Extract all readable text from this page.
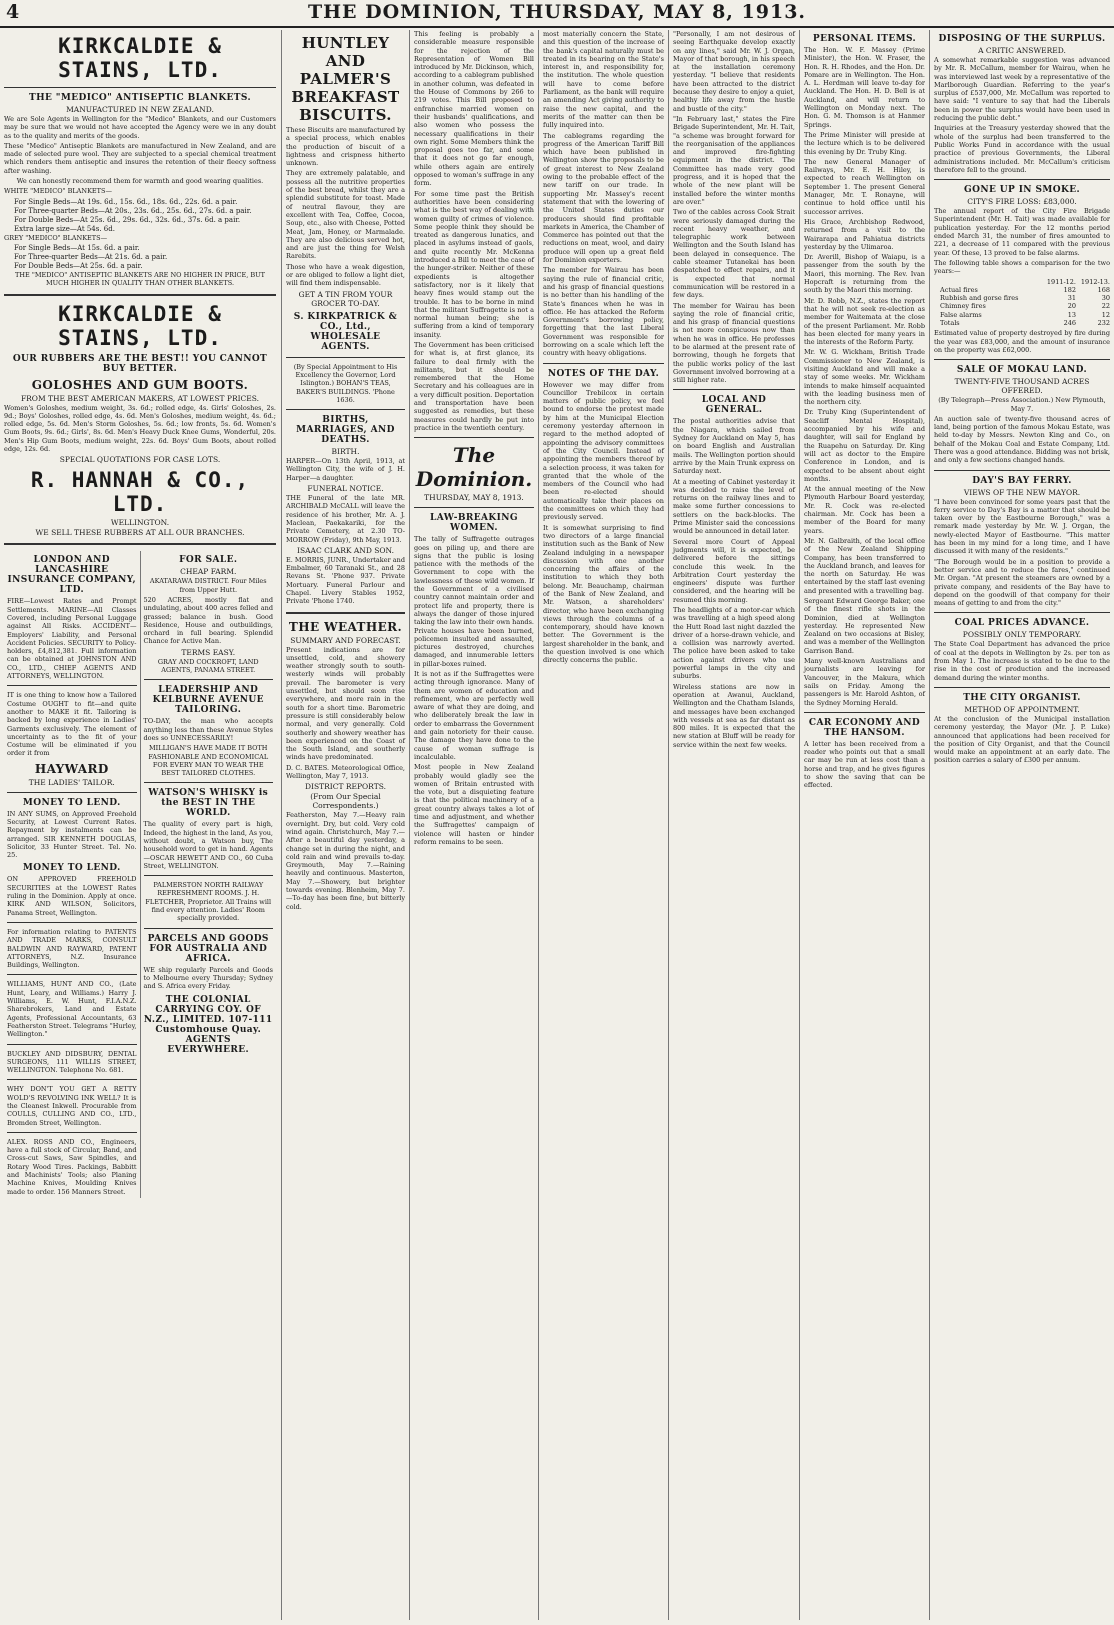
4	THE DOMINION, THURSDAY, MAY 8, 1913.
KIRKCALDIE & STAINS, LTD.
THE "MEDICO" ANTISEPTIC BLANKETS.
MANUFACTURED IN NEW ZEALAND.

We are Sole Agents in Wellington for the "Medico" Blankets, and our Customers may be sure that we would not have accepted the Agency were we in any doubt as to the quality and merits of the goods.

These "Medico" Antiseptic Blankets are manufactured in New Zealand, and are made of selected pure wool. They are subjected to a special chemical treatment which renders them antiseptic and insures the retention of their fleecy softness after washing.

We can honestly recommend them for warmth and good wearing qualities.

WHITE "MEDICO" BLANKETS—

For Single Beds—At 19s. 6d., 15s. 6d., 18s. 6d., 22s. 6d. a pair.
For Three-quarter Beds—At 20s., 23s. 6d., 25s. 6d., 27s. 6d. a pair.
For Double Beds—At 25s. 6d., 29s. 6d., 32s. 6d., 37s. 6d. a pair.
Extra large size—At 54s. 6d.

GREY "MEDICO" BLANKETS—

For Single Beds—At 15s. 6d. a pair.
For Three-quarter Beds—At 21s. 6d. a pair.
For Double Beds—At 25s. 6d. a pair.

THE "MEDICO" ANTISEPTIC BLANKETS ARE NO HIGHER IN PRICE, BUT MUCH HIGHER IN QUALITY THAN OTHER BLANKETS.

KIRKCALDIE & STAINS, LTD.
OUR RUBBERS ARE THE BEST!! YOU CANNOT BUY BETTER.
GOLOSHES AND GUM BOOTS.
FROM THE BEST AMERICAN MAKERS, AT LOWEST PRICES.

Women's Goloshes, medium weight, 3s. 6d.; rolled edge, 4s. Girls' Goloshes, 2s. 9d.; Boys' Goloshes, rolled edge, 4s. 6d. Men's Goloshes, medium weight, 4s. 6d.; rolled edge, 5s. 6d. Men's Storm Goloshes, 5s. 6d.; low fronts, 5s. 6d. Women's Gum Boots, 9s. 6d.; Girls', 8s. 6d. Men's Heavy Duck Knee Gums, Wonderful, 20s. Men's Hip Gum Boots, medium weight, 22s. 6d. Boys' Gum Boots, about rolled edge, 12s. 6d.

SPECIAL QUOTATIONS FOR CASE LOTS.
R. HANNAH & CO., LTD.
WELLINGTON.
WE SELL THESE RUBBERS AT ALL OUR BRANCHES.
LONDON AND LANCASHIRE INSURANCE COMPANY, LTD.

FIRE—Lowest Rates and Prompt Settlements. MARINE—All Classes Covered, including Personal Luggage against All Risks. ACCIDENT—Employers' Liability, and Personal Accident Policies. SECURITY to Policy-holders, £4,812,381. Full information can be obtained at JOHNSTON AND CO., LTD., CHIEF AGENTS AND ATTORNEYS, WELLINGTON.

IT is one thing to know how a Tailored Costume OUGHT to fit—and quite another to MAKE it fit. Tailoring is backed by long experience in Ladies' Garments exclusively. The element of uncertainty as to the fit of your Costume will be eliminated if you order it from

HAYWARD
THE LADIES' TAILOR.
MONEY TO LEND.

IN ANY SUMS, on Approved Freehold Security, at Lowest Current Rates. Repayment by instalments can be arranged. SIR KENNETH DOUGLAS, Solicitor, 33 Hunter Street. Tel. No. 25.

MONEY TO LEND.

ON APPROVED FREEHOLD SECURITIES at the LOWEST Rates ruling in the Dominion. Apply at once. KIRK AND WILSON, Solicitors, Panama Street, Wellington.

For information relating to PATENTS AND TRADE MARKS, CONSULT BALDWIN AND RAYWARD, PATENT ATTORNEYS, N.Z. Insurance Buildings, Wellington.

WILLIAMS, HUNT AND CO., (Late Hunt, Leary, and Williams.) Harry J. Williams, E. W. Hunt, F.I.A.N.Z. Sharebrokers, Land and Estate Agents, Professional Accountants, 63 Featherston Street. Telegrams "Hurley, Wellington."

BUCKLEY AND DIDSBURY, DENTAL SURGEONS, 111 WILLIS STREET, WELLINGTON. Telephone No. 681.

WHY DON'T YOU GET A RETTY WOLD'S REVOLVING INK WELL? It is the Cleanest Inkwell. Procurable from COULLS, CULLING AND CO., LTD., Bromden Street, Wellington.

ALEX. ROSS AND CO., Engineers, have a full stock of Circular, Band, and Cross-cut Saws, Saw Spindles, and Rotary Wood Tires. Packings, Babbitt and Machinists' Tools; also Planing Machine Knives, Moulding Knives made to order. 156 Manners Street.

FOR SALE.
CHEAP FARM.

AKATARAWA DISTRICT. Four Miles from Upper Hutt.

520 ACRES, mostly flat and undulating, about 400 acres felled and grassed; balance in bush. Good Residence, House and outbuildings, orchard in full bearing. Splendid Chance for Active Man.

TERMS EASY.

GRAY AND COCKROFT, LAND AGENTS, PANAMA STREET.

LEADERSHIP AND KELBURNE AVENUE TAILORING.

TO-DAY, the man who accepts anything less than these Avenue Styles does so UNNECESSARILY!

MILLIGAN'S HAVE MADE IT BOTH FASHIONABLE AND ECONOMICAL FOR EVERY MAN TO WEAR THE BEST TAILORED CLOTHES.

WATSON'S WHISKY is the BEST IN THE WORLD.

The quality of every part is high, Indeed, the highest in the land, As you, without doubt, a Watson buy, The household word to get in hand. Agents—OSCAR HEWETT AND CO., 60 Cuba Street, WELLINGTON.

PALMERSTON NORTH RAILWAY REFRESHMENT ROOMS. J. H. FLETCHER, Proprietor. All Trains will find every attention. Ladies' Room specially provided.

PARCELS AND GOODS FOR AUSTRALIA AND AFRICA.

WE ship regularly Parcels and Goods to Melbourne every Thursday; Sydney and S. Africa every Friday.

THE COLONIAL CARRYING COY. OF N.Z., LIMITED. 107-111 Customhouse Quay. AGENTS EVERYWHERE.
HUNTLEY AND PALMER'S BREAKFAST BISCUITS.

These Biscuits are manufactured by a special process, which enables the production of biscuit of a lightness and crispness hitherto unknown.

They are extremely palatable, and possess all the nutritive properties of the best bread, whilst they are a splendid substitute for toast. Made of neutral flavour, they are excellent with Tea, Coffee, Cocoa, Soup, etc., also with Cheese, Potted Meat, Jam, Honey, or Marmalade. They are also delicious served hot, and are just the thing for Welsh Rarebits.

Those who have a weak digestion, or are obliged to follow a light diet, will find them indispensable.

GET A TIN FROM YOUR GROCER TO-DAY.
S. KIRKPATRICK & CO., Ltd., WHOLESALE AGENTS.

(By Special Appointment to His Excellency the Governor, Lord Islington.) BOHAN'S TEAS, BAKER'S BUILDINGS. 'Phone 1636.

BIRTHS, MARRIAGES, AND DEATHS.
BIRTH.

HARPER—On 13th April, 1913, at Wellington City, the wife of J. H. Harper—a daughter.

FUNERAL NOTICE.

THE Funeral of the late MR. ARCHIBALD McCALL will leave the residence of his brother, Mr. A. J. Maclean, Paekakariki, for the Private Cemetery, at 2.30 TO-MORROW (Friday), 9th May, 1913.

ISAAC CLARK AND SON.

E. MORRIS, JUNR., Undertaker and Embalmer, 60 Taranaki St., and 28 Revans St. 'Phone 937. Private Mortuary. Funeral Parlour and Chapel. Livery Stables 1952, Private 'Phone 1740.

THE WEATHER.
SUMMARY AND FORECAST.

Present indications are for unsettled, cold, and showery weather strongly south to south-westerly winds will probably prevail. The barometer is very unsettled, but should soon rise everywhere, and more rain in the south for a short time. Barometric pressure is still considerably below normal, and very generally. Cold southerly and showery weather has been experienced on the Coast of the South Island, and southerly winds have predominated.

D. C. BATES. Meteorological Office, Wellington, May 7, 1913.

DISTRICT REPORTS.
(From Our Special Correspondents.)

Featherston, May 7.—Heavy rain overnight. Dry, but cold. Very cold wind again. Christchurch, May 7.—After a beautiful day yesterday, a change set in during the night, and cold rain and wind prevails to-day. Greymouth, May 7.—Raining heavily and continuous. Masterton, May 7.—Showery, but brighter towards evening. Blenheim, May 7.—To-day has been fine, but bitterly cold.

This feeling is probably a considerable measure responsible for the rejection of the Representation of Women Bill introduced by Mr. Dickinson, which, according to a cablegram published in another column, was defeated in the House of Commons by 266 to 219 votes. This Bill proposed to enfranchise married women on their husbands' qualifications, and also women who possess the necessary qualifications in their own right. Some Members think the proposal goes too far, and some that it does not go far enough, while others again are entirely opposed to woman's suffrage in any form.

For some time past the British authorities have been considering what is the best way of dealing with women guilty of crimes of violence. Some people think they should be treated as dangerous lunatics, and placed in asylums instead of gaols, and quite recently Mr. McKenna introduced a Bill to meet the case of the hunger-striker. Neither of these expedients is altogether satisfactory, nor is it likely that heavy fines would stamp out the trouble. It has to be borne in mind that the militant Suffragette is not a normal human being; she is suffering from a kind of temporary insanity.

The Government has been criticised for what is, at first glance, its failure to deal firmly with the militants, but it should be remembered that the Home Secretary and his colleagues are in a very difficult position. Deportation and transportation have been suggested as remedies, but these measures could hardly be put into practice in the twentieth century.

The Dominion.
THURSDAY, MAY 8, 1913.
LAW-BREAKING WOMEN.

The tally of Suffragette outrages goes on piling up, and there are signs that the public is losing patience with the methods of the Government to cope with the lawlessness of these wild women. If the Government of a civilised country cannot maintain order and protect life and property, there is always the danger of those injured taking the law into their own hands. Private houses have been burned, policemen insulted and assaulted, pictures destroyed, churches damaged, and innumerable letters in pillar-boxes ruined.

It is not as if the Suffragettes were acting through ignorance. Many of them are women of education and refinement, who are perfectly well aware of what they are doing, and who deliberately break the law in order to embarrass the Government and gain notoriety for their cause. The damage they have done to the cause of woman suffrage is incalculable.

Most people in New Zealand probably would gladly see the women of Britain entrusted with the vote, but a disquieting feature is that the political machinery of a great country always takes a lot of time and adjustment, and whether the Suffragettes' campaign of violence will hasten or hinder reform remains to be seen.

most materially concern the State, and this question of the increase of the bank's capital naturally must be treated in its bearing on the State's interest in, and responsibility for, the institution. The whole question will have to come before Parliament, as the bank will require an amending Act giving authority to raise the new capital, and the merits of the matter can then be fully inquired into.

The cablegrams regarding the progress of the American Tariff Bill which have been published in Wellington show the proposals to be of great interest to New Zealand owing to the probable effect of the new tariff on our trade. In supporting Mr. Massey's recent statement that with the lowering of the United States duties our producers should find profitable markets in America, the Chamber of Commerce has pointed out that the reductions on meat, wool, and dairy produce will open up a great field for Dominion exporters.

The member for Wairau has been saying the rule of financial critic, and his grasp of financial questions is no better than his handling of the State's finances when he was in office. He has attacked the Reform Government's borrowing policy, forgetting that the last Liberal Government was responsible for borrowing on a scale which left the country with heavy obligations.

NOTES OF THE DAY.

However we may differ from Councillor Trebilcox in certain matters of public policy, we feel bound to endorse the protest made by him at the Municipal Election ceremony yesterday afternoon in regard to the method adopted of appointing the advisory committees of the City Council. Instead of appointing the members thereof by a selection process, it was taken for granted that the whole of the members of the Council who had been re-elected should automatically take their places on the committees on which they had previously served.

It is somewhat surprising to find two directors of a large financial institution such as the Bank of New Zealand indulging in a newspaper discussion with one another concerning the affairs of the institution to which they both belong. Mr. Beauchamp, chairman of the Bank of New Zealand, and Mr. Watson, a shareholders' director, who have been exchanging views through the columns of a contemporary, should have known better. The Government is the largest shareholder in the bank, and the question involved is one which directly concerns the public.

"Personally, I am not desirous of seeing Earthquake develop exactly on any lines," said Mr. W. J. Organ, Mayor of that borough, in his speech at the installation ceremony yesterday. "I believe that residents have been attracted to the district because they desire to enjoy a quiet, healthy life away from the hustle and bustle of the city."

"In February last," states the Fire Brigade Superintendent, Mr. H. Tait, "a scheme was brought forward for the reorganisation of the appliances and improved fire-fighting equipment in the district. The Committee has made very good progress, and it is hoped that the whole of the new plant will be installed before the winter months are over."

Two of the cables across Cook Strait were seriously damaged during the recent heavy weather, and telegraphic work between Wellington and the South Island has been delayed in consequence. The cable steamer Tutanekai has been despatched to effect repairs, and it is expected that normal communication will be restored in a few days.

The member for Wairau has been saying the role of financial critic, and his grasp of financial questions is not more conspicuous now than when he was in office. He professes to be alarmed at the present rate of borrowing, though he forgets that the public works policy of the last Government involved borrowing at a still higher rate.

LOCAL AND GENERAL.

The postal authorities advise that the Niagara, which sailed from Sydney for Auckland on May 5, has on board English and Australian mails. The Wellington portion should arrive by the Main Trunk express on Saturday next.

At a meeting of Cabinet yesterday it was decided to raise the level of returns on the railway lines and to make some further concessions to settlers on the back-blocks. The Prime Minister said the concessions would be announced in detail later.

Several more Court of Appeal judgments will, it is expected, be delivered before the sittings conclude this week. In the Arbitration Court yesterday the engineers' dispute was further considered, and the hearing will be resumed this morning.

The headlights of a motor-car which was travelling at a high speed along the Hutt Road last night dazzled the driver of a horse-drawn vehicle, and a collision was narrowly averted. The police have been asked to take action against drivers who use powerful lamps in the city and suburbs.

Wireless stations are now in operation at Awanui, Auckland, Wellington and the Chatham Islands, and messages have been exchanged with vessels at sea as far distant as 800 miles. It is expected that the new station at Bluff will be ready for service within the next few weeks.

PERSONAL ITEMS.

The Hon. W. F. Massey (Prime Minister), the Hon. W. Fraser, the Hon. R. H. Rhodes, and the Hon. Dr. Pomare are in Wellington. The Hon. A. L. Herdman will leave to-day for Auckland. The Hon. H. D. Bell is at Auckland, and will return to Wellington on Monday next. The Hon. G. M. Thomson is at Hanmer Springs.

The Prime Minister will preside at the lecture which is to be delivered this evening by Dr. Truby King.

The new General Manager of Railways, Mr. E. H. Hiley, is expected to reach Wellington on September 1. The present General Manager, Mr. T. Ronayne, will continue to hold office until his successor arrives.

His Grace, Archbishop Redwood, returned from a visit to the Wairarapa and Pahiatua districts yesterday by the Ulimaroa.

Dr. Averill, Bishop of Waiapu, is a passenger from the south by the Maori, this morning. The Rev. Ivan Hopcraft is returning from the south by the Maori this morning.

Mr. D. Robb, N.Z., states the report that he will not seek re-election as member for Waitemata at the close of the present Parliament. Mr. Robb has been elected for many years in the interests of the Reform Party.

Mr. W. G. Wickham, British Trade Commissioner to New Zealand, is visiting Auckland and will make a stay of some weeks. Mr. Wickham intends to make himself acquainted with the leading business men of the northern city.

Dr. Truby King (Superintendent of Seacliff Mental Hospital), accompanied by his wife and daughter, will sail for England by the Ruapehu on Saturday. Dr. King will act as doctor to the Empire Conference in London, and is expected to be absent about eight months.

At the annual meeting of the New Plymouth Harbour Board yesterday, Mr. R. Cock was re-elected chairman. Mr. Cock has been a member of the Board for many years.

Mr. N. Galbraith, of the local office of the New Zealand Shipping Company, has been transferred to the Auckland branch, and leaves for the north on Saturday. He was entertained by the staff last evening and presented with a travelling bag.

Sergeant Edward George Baker, one of the finest rifle shots in the Dominion, died at Wellington yesterday. He represented New Zealand on two occasions at Bisley, and was a member of the Wellington Garrison Band.

Many well-known Australians and journalists are leaving for Vancouver, in the Makura, which sails on Friday. Among the passengers is Mr. Harold Ashton, of the Sydney Morning Herald.

CAR ECONOMY AND THE HANSOM.

A letter has been received from a reader who points out that a small car may be run at less cost than a horse and trap, and he gives figures to show the saving that can be effected.

DISPOSING OF THE SURPLUS.
A CRITIC ANSWERED.

A somewhat remarkable suggestion was advanced by Mr. R. McCallum, member for Wairau, when he was interviewed last week by a representative of the Marlborough Guardian. Referring to the year's surplus of £537,000, Mr. McCallum was reported to have said: "I venture to say that had the Liberals been in power the surplus would have been used in reducing the public debt."

Inquiries at the Treasury yesterday showed that the whole of the surplus had been transferred to the Public Works Fund in accordance with the usual practice of previous Governments, the Liberal administrations included. Mr. McCallum's criticism therefore fell to the ground.

GONE UP IN SMOKE.
CITY'S FIRE LOSS: £83,000.

The annual report of the City Fire Brigade Superintendent (Mr. H. Tait) was made available for publication yesterday. For the 12 months period ended March 31, the number of fires amounted to 221, a decrease of 11 compared with the previous year. Of these, 13 proved to be false alarms.

The following table shows a comparison for the two years:—

1911-12. 1912-13.
Actual fires	182	168
Rubbish and gorse fires	31	30
Chimney fires	20	22
False alarms	13	12
Totals	246	232

Estimated value of property destroyed by fire during the year was £83,000, and the amount of insurance on the property was £62,000.

SALE OF MOKAU LAND.
TWENTY-FIVE THOUSAND ACRES OFFERED.

(By Telegraph—Press Association.) New Plymouth, May 7.

An auction sale of twenty-five thousand acres of land, being portion of the famous Mokau Estate, was held to-day by Messrs. Newton King and Co., on behalf of the Mokau Coal and Estate Company, Ltd. There was a good attendance. Bidding was not brisk, and only a few sections changed hands.

DAY'S BAY FERRY.
VIEWS OF THE NEW MAYOR.

"I have been convinced for some years past that the ferry service to Day's Bay is a matter that should be taken over by the Eastbourne Borough," was a remark made yesterday by Mr. W. J. Organ, the newly-elected Mayor of Eastbourne. "This matter has been in my mind for a long time, and I have discussed it with many of the residents."

"The Borough would be in a position to provide a better service and to reduce the fares," continued Mr. Organ. "At present the steamers are owned by a private company, and residents of the Bay have to depend on the goodwill of that company for their means of getting to and from the city."

COAL PRICES ADVANCE.
POSSIBLY ONLY TEMPORARY.

The State Coal Department has advanced the price of coal at the depots in Wellington by 2s. per ton as from May 1. The increase is stated to be due to the rise in the cost of production and the increased demand during the winter months.

THE CITY ORGANIST.
METHOD OF APPOINTMENT.

At the conclusion of the Municipal installation ceremony yesterday, the Mayor (Mr. J. P. Luke) announced that applications had been received for the position of City Organist, and that the Council would make an appointment at an early date. The position carries a salary of £300 per annum.
